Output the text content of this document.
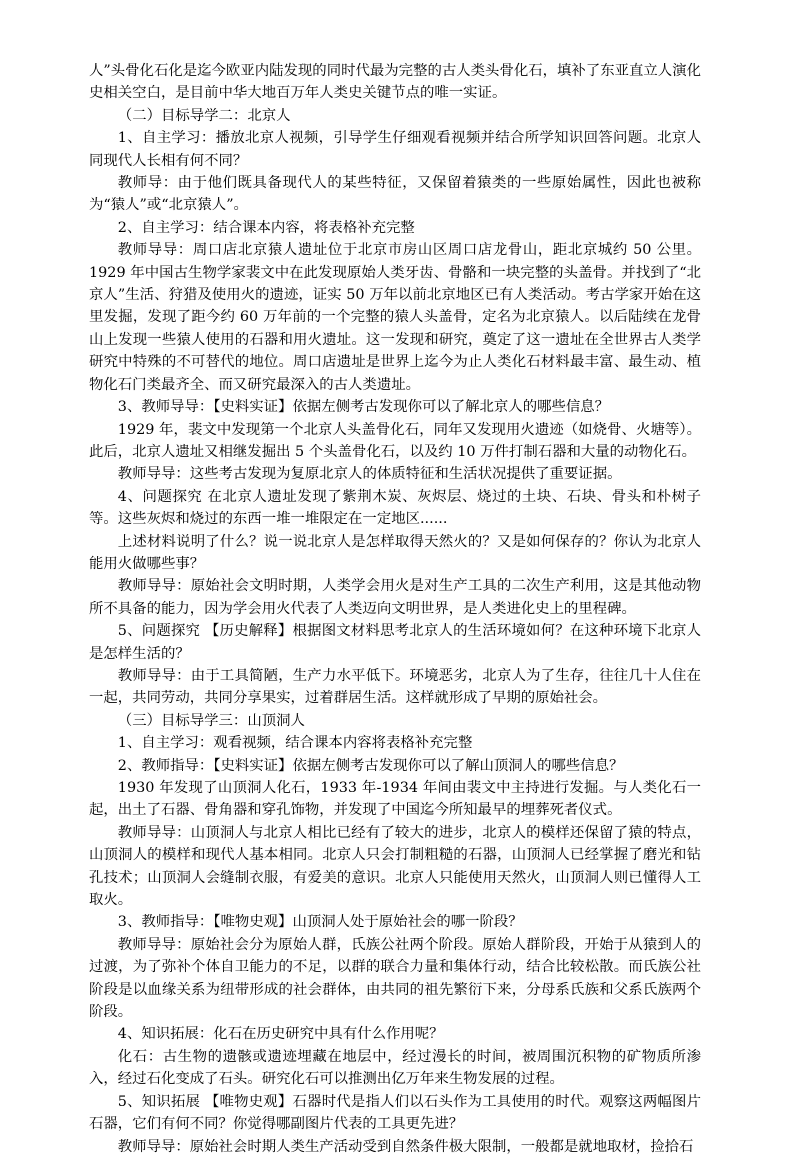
人”头骨化石化是迄今欧亚内陆发现的同时代最为完整的古人类头骨化石，填补了东亚直立人演化史相关空白，是目前中华大地百万年人类史关键节点的唯一实证。

（二）目标导学二：北京人

1、自主学习：播放北京人视频，引导学生仔细观看视频并结合所学知识回答问题。北京人同现代人长相有何不同？

教师导：由于他们既具备现代人的某些特征，又保留着猿类的一些原始属性，因此也被称为“猿人”或“北京猿人”。

2、自主学习：结合课本内容，将表格补充完整

教师导导：周口店北京猿人遗址位于北京市房山区周口店龙骨山，距北京城约 50 公里。1929 年中国古生物学家裴文中在此发现原始人类牙齿、骨骼和一块完整的头盖骨。并找到了“北京人”生活、狩猎及使用火的遗迹，证实 50 万年以前北京地区已有人类活动。考古学家开始在这里发掘，发现了距今约 60 万年前的一个完整的猿人头盖骨，定名为北京猿人。以后陆续在龙骨山上发现一些猿人使用的石器和用火遗址。这一发现和研究，奠定了这一遗址在全世界古人类学研究中特殊的不可替代的地位。周口店遗址是世界上迄今为止人类化石材料最丰富、最生动、植物化石门类最齐全、而又研究最深入的古人类遗址。

3、教师导导：【史料实证】依据左侧考古发现你可以了解北京人的哪些信息？

1929 年，裴文中发现第一个北京人头盖骨化石，同年又发现用火遗迹（如烧骨、火塘等）。此后，北京人遗址又相继发掘出 5 个头盖骨化石，以及约 10 万件打制石器和大量的动物化石。

教师导导：这些考古发现为复原北京人的体质特征和生活状况提供了重要证据。

4、问题探究 在北京人遗址发现了紫荆木炭、灰烬层、烧过的土块、石块、骨头和朴树子等。这些灰烬和烧过的东西一堆一堆限定在一定地区......

上述材料说明了什么？说一说北京人是怎样取得天然火的？又是如何保存的？你认为北京人能用火做哪些事？

教师导导：原始社会文明时期，人类学会用火是对生产工具的二次生产利用，这是其他动物所不具备的能力，因为学会用火代表了人类迈向文明世界，是人类进化史上的里程碑。

5、问题探究 【历史解释】根据图文材料思考北京人的生活环境如何？在这种环境下北京人是怎样生活的？

教师导导：由于工具简陋，生产力水平低下。环境恶劣，北京人为了生存，往往几十人住在一起，共同劳动，共同分享果实，过着群居生活。这样就形成了早期的原始社会。

（三）目标导学三：山顶洞人

1、自主学习：观看视频，结合课本内容将表格补充完整

2、教师指导：【史料实证】依据左侧考古发现你可以了解山顶洞人的哪些信息？

1930 年发现了山顶洞人化石，1933 年-1934 年间由裴文中主持进行发掘。与人类化石一起，出土了石器、骨角器和穿孔饰物，并发现了中国迄今所知最早的埋葬死者仪式。

教师导导：山顶洞人与北京人相比已经有了较大的进步，北京人的模样还保留了猿的特点，山顶洞人的模样和现代人基本相同。北京人只会打制粗糙的石器，山顶洞人已经掌握了磨光和钻孔技术；山顶洞人会缝制衣服，有爱美的意识。北京人只能使用天然火，山顶洞人则已懂得人工取火。

3、教师指导：【唯物史观】山顶洞人处于原始社会的哪一阶段？

教师导导：原始社会分为原始人群，氏族公社两个阶段。原始人群阶段，开始于从猿到人的过渡，为了弥补个体自卫能力的不足，以群的联合力量和集体行动，结合比较松散。而氏族公社阶段是以血缘关系为纽带形成的社会群体，由共同的祖先繁衍下来，分母系氏族和父系氏族两个阶段。

4、知识拓展：化石在历史研究中具有什么作用呢？

化石：古生物的遗骸或遗迹埋藏在地层中，经过漫长的时间，被周围沉积物的矿物质所渗入，经过石化变成了石头。研究化石可以推测出亿万年来生物发展的过程。

5、知识拓展 【唯物史观】石器时代是指人们以石头作为工具使用的时代。观察这两幅图片石器，它们有何不同？你觉得哪副图片代表的工具更先进？

教师导导：原始社会时期人类生产活动受到自然条件极大限制，一般都是就地取材，捡拾石
